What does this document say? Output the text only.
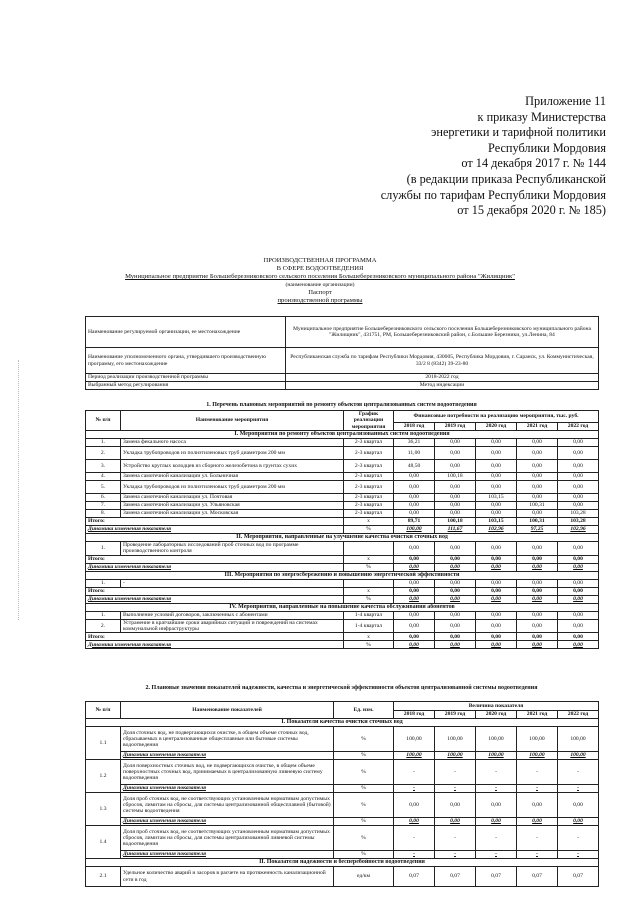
Приложение 11
к приказу Министерства
энергетики и тарифной политики
Республики Мордовия
от 14 декабря 2017 г. № 144
(в редакции приказа Республиканской
службы по тарифам Республики Мордовия
от 15 декабря 2020 г. № 185)
ПРОИЗВОДСТВЕННАЯ ПРОГРАММА
В СФЕРЕ ВОДООТВЕДЕНИЯ
Муниципальное предприятие Большеберезниковского сельского поселения Большеберезниковского муниципального района "Жилищник"
(наименование организации)
Паспорт
производственной программы
Наименование регулируемой организации, ее местонахождение	Муниципальное предприятие Большеберезниковского сельского поселения Большеберезниковского муниципального района "Жилищник", 431751, РМ, Большеберезниковский район, с.Большие Березники, ул.Ленина, 84
Наименование уполномоченного органа, утвердившего производственную программу, его местонахождение	Республиканская служба по тарифам Республики Мордовия, 430005, Республика Мордовия, г. Саранск, ул. Коммунистическая, 33/2 8 (8342) 39-23-80
Период реализации производственной программы	2018-2022 год
Выбранный метод регулирования	Метод индексации
1. Перечень плановых мероприятий по ремонту объектов централизованных систем водоотведения
№ п/п	Наименование мероприятия	График реализации мероприятия	Финансовые потребности на реализацию мероприятия, тыс. руб.				
			2018 год	2019 год	2020 год	2021 год	2022 год
I. Мероприятия по ремонту объектов централизованных систем водоотведения							
1.	Замена фекального насоса	2-3 квартал	36,21	0,00	0,00	0,00	0,00
2.	Укладка трубопроводов из полиэтиленовых труб диаметром 200 мм	2-3 квартал	11,00	0,00	0,00	0,00	0,00
3.	Устройство круглых колодцев из сборного железобетона в грунтах сухих	2-3 квартал	48,50	0,00	0,00	0,00	0,00
4.	Замена самотечной канализации ул. Больничная	2-3 квартал	0,00	100,18	0,00	0,00	0,00
5.	Укладка трубопроводов из полиэтиленовых труб диаметром 200 мм	2-3 квартал	0,00	0,00	0,00	0,00	0,00
6.	Замена самотечной канализации ул. Почтовая	2-3 квартал	0,00	0,00	103,15	0,00	0,00
7.	Замена самотечной канализации ул. Ульяновская	2-3 квартал	0,00	0,00	0,00	100,31	0,00
8.	Замена самотечной канализации ул. Московская	2-3 квартал	0,00	0,00	0,00	0,00	103,28
Итого:		х	89,71	100,18	103,15	100,31	103,28
Динамика изменения показателя		%	100,00	111,67	102,96	97,25	102,96
II. Мероприятия, направленные на улучшение качества очистки сточных вод							
1.	Проведение лабораторных исследований проб сточных вод по программе производственного контроля		0,00	0,00	0,00	0,00	0,00
Итого:		х	0,00	0,00	0,00	0,00	0,00
Динамика изменения показателя		%	0,00	0,00	0,00	0,00	0,00
III. Мероприятия по энергосбережению и повышению энергетической эффективности							
1.	-		0,00	0,00	0,00	0,00	0,00
Итого:		х	0,00	0,00	0,00	0,00	0,00
Динамика изменения показателя		%	0,00	0,00	0,00	0,00	0,00
IV. Мероприятия, направленные на повышение качества обслуживания абонентов							
1.	Выполнение условий договоров, заключенных с абонентами	1-4 квартал	0,00	0,00	0,00	0,00	0,00
2.	Устранение в кратчайшие сроки аварийных ситуаций и повреждений на системах коммунальной инфраструктуры	1-4 квартал	0,00	0,00	0,00	0,00	0,00
Итого:		х	0,00	0,00	0,00	0,00	0,00
Динамика изменения показателя		%	0,00	0,00	0,00	0,00	0,00
2. Плановые значения показателей надежности, качества и энергетической эффективности объектов централизованной системы водоотведения
№ п/п	Наименование показателей	Ед. изм.	Величина показателя				
			2018 год	2019 год	2020 год	2021 год	2022 год
I. Показатели качества очистки сточных вод							
1.1	Доля сточных вод, не подвергающихся очистке, в общем объеме сточных вод, сбрасываемых в централизованные общесплавные или бытовые системы водоотведения	%	100,00	100,00	100,00	100,00	100,00
	Динамика изменения показателя	%	100,00	100,00	100,00	100,00	100,00
1.2	Доля поверхностных сточных вод, не подвергающихся очистке, в общем объеме поверхностных сточных вод, принимаемых в централизованную ливневую систему водоотведения	%	-	-	-	-	-
	Динамика изменения показателя	%	-	-	-	-	-
1.3	Доля проб сточных вод, не соответствующих установленным нормативам допустимых сбросов, лимитам на сбросы, для системы централизованной общесплавной (бытовой) системы водоотведения	%	0,00	0,00	0,00	0,00	0,00
	Динамика изменения показателя	%	0,00	0,00	0,00	0,00	0,00
1.4	Доля проб сточных вод, не соответствующих установленным нормативам допустимых сбросов, лимитам на сбросы, для системы централизованной ливневой системы водоотведения	%	-	-	-	-	-
	Динамика изменения показателя	%	-	-	-	-	-
II. Показатели надежности и бесперебойности водоотведения							
2.1	Удельное количество аварий и засоров в расчете на протяженность канализационной сети в год	ед/км	0,07	0,07	0,07	0,07	0,07
